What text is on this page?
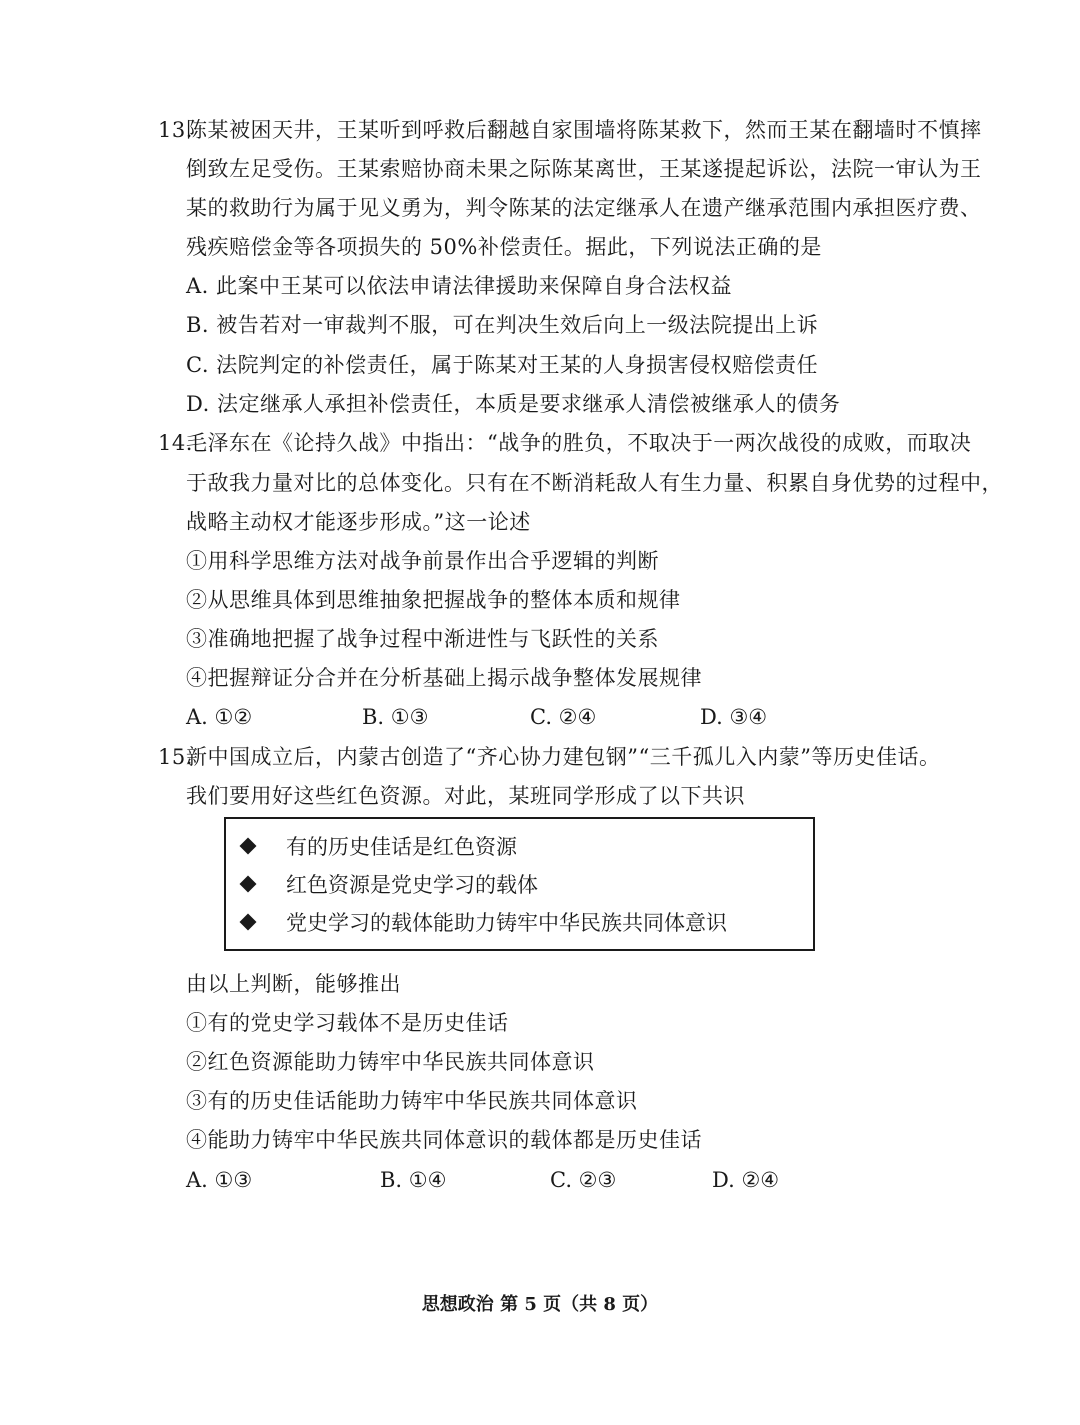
13.
陈某被困天井，王某听到呼救后翻越自家围墙将陈某救下，然而王某在翻墙时不慎摔
倒致左足受伤。王某索赔协商未果之际陈某离世，王某遂提起诉讼，法院一审认为王
某的救助行为属于见义勇为，判令陈某的法定继承人在遗产继承范围内承担医疗费、
残疾赔偿金等各项损失的 50%补偿责任。据此，下列说法正确的是
A. 此案中王某可以依法申请法律援助来保障自身合法权益
B. 被告若对一审裁判不服，可在判决生效后向上一级法院提出上诉
C. 法院判定的补偿责任，属于陈某对王某的人身损害侵权赔偿责任
D. 法定继承人承担补偿责任，本质是要求继承人清偿被继承人的债务
14.
毛泽东在《论持久战》中指出：“战争的胜负，不取决于一两次战役的成败，而取决
于敌我力量对比的总体变化。只有在不断消耗敌人有生力量、积累自身优势的过程中，
战略主动权才能逐步形成。”这一论述
①用科学思维方法对战争前景作出合乎逻辑的判断
②从思维具体到思维抽象把握战争的整体本质和规律
③准确地把握了战争过程中渐进性与飞跃性的关系
④把握辩证分合并在分析基础上揭示战争整体发展规律
A. ①②	B. ①③	C. ②④	D. ③④
15.
新中国成立后，内蒙古创造了“齐心协力建包钢”“三千孤儿入内蒙”等历史佳话。
我们要用好这些红色资源。对此，某班同学形成了以下共识
有的历史佳话是红色资源
红色资源是党史学习的载体
党史学习的载体能助力铸牢中华民族共同体意识
由以上判断，能够推出
①有的党史学习载体不是历史佳话
②红色资源能助力铸牢中华民族共同体意识
③有的历史佳话能助力铸牢中华民族共同体意识
④能助力铸牢中华民族共同体意识的载体都是历史佳话
A. ①③	B. ①④	C. ②③	D. ②④
思想政治 第 5 页（共 8 页）
